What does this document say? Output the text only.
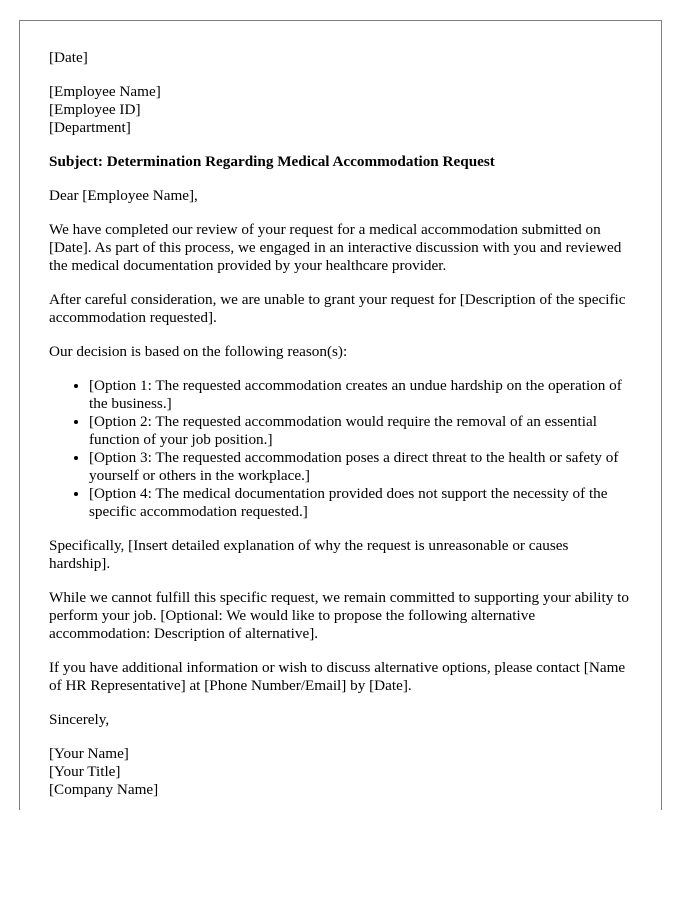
[Date]

[Employee Name]
[Employee ID]
[Department]

Subject: Determination Regarding Medical Accommodation Request

Dear [Employee Name],

We have completed our review of your request for a medical accommodation submitted on [Date]. As part of this process, we engaged in an interactive discussion with you and reviewed the medical documentation provided by your healthcare provider.

After careful consideration, we are unable to grant your request for [Description of the specific accommodation requested].

Our decision is based on the following reason(s):

• [Option 1: The requested accommodation creates an undue hardship on the operation of the business.]
• [Option 2: The requested accommodation would require the removal of an essential function of your job position.]
• [Option 3: The requested accommodation poses a direct threat to the health or safety of yourself or others in the workplace.]
• [Option 4: The medical documentation provided does not support the necessity of the specific accommodation requested.]

Specifically, [Insert detailed explanation of why the request is unreasonable or causes hardship].

While we cannot fulfill this specific request, we remain committed to supporting your ability to perform your job. [Optional: We would like to propose the following alternative accommodation: Description of alternative].

If you have additional information or wish to discuss alternative options, please contact [Name of HR Representative] at [Phone Number/Email] by [Date].

Sincerely,

[Your Name]
[Your Title]
[Company Name]
